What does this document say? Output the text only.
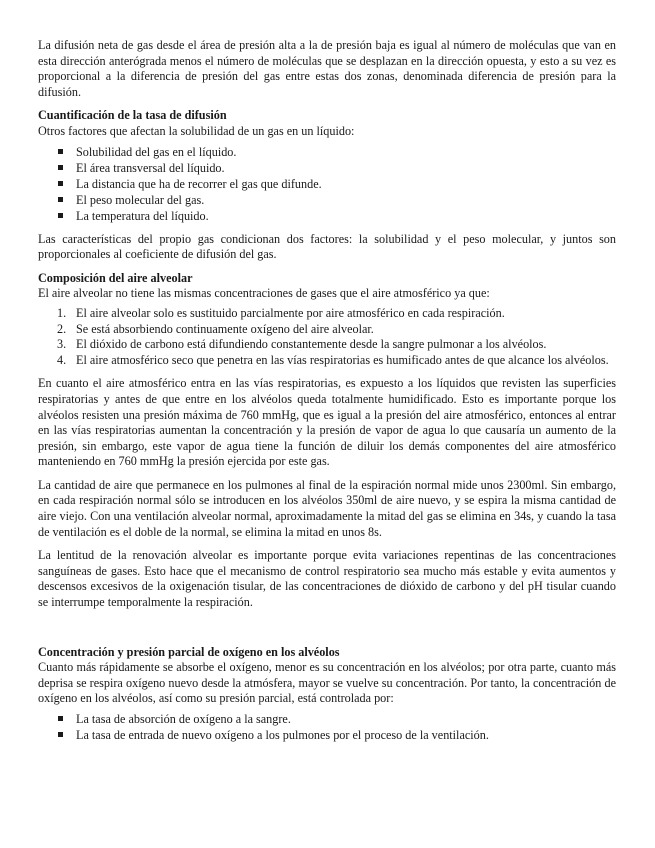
La difusión neta de gas desde el área de presión alta a la de presión baja es igual al número de moléculas que van en esta dirección anterógrada menos el número de moléculas que se desplazan en la dirección opuesta, y esto a su vez es proporcional a la diferencia de presión del gas entre estas dos zonas, denominada diferencia de presión para la difusión.

Cuantificación de la tasa de difusión

Otros factores que afectan la solubilidad de un gas en un líquido:

Solubilidad del gas en el líquido.
El área transversal del líquido.
La distancia que ha de recorrer el gas que difunde.
El peso molecular del gas.
La temperatura del líquido.

Las características del propio gas condicionan dos factores: la solubilidad y el peso molecular, y juntos son proporcionales al coeficiente de difusión del gas.

Composición del aire alveolar

El aire alveolar no tiene las mismas concentraciones de gases que el aire atmosférico ya que:

1. El aire alveolar solo es sustituido parcialmente por aire atmosférico en cada respiración.
2. Se está absorbiendo continuamente oxígeno del aire alveolar.
3. El dióxido de carbono está difundiendo constantemente desde la sangre pulmonar a los alvéolos.
4. El aire atmosférico seco que penetra en las vías respiratorias es humificado antes de que alcance los alvéolos.

En cuanto el aire atmosférico entra en las vías respiratorias, es expuesto a los líquidos que revisten las superficies respiratorias y antes de que entre en los alvéolos queda totalmente humidificado. Esto es importante porque los alvéolos resisten una presión máxima de 760 mmHg, que es igual a la presión del aire atmosférico, entonces al entrar en las vías respiratorias aumentan la concentración y la presión de vapor de agua lo que causaría un aumento de la presión, sin embargo, este vapor de agua tiene la función de diluir los demás componentes del aire atmosférico manteniendo en 760 mmHg la presión ejercida por este gas.

La cantidad de aire que permanece en los pulmones al final de la espiración normal mide unos 2300ml. Sin embargo, en cada respiración normal sólo se introducen en los alvéolos 350ml de aire nuevo, y se espira la misma cantidad de aire viejo. Con una ventilación alveolar normal, aproximadamente la mitad del gas se elimina en 34s, y cuando la tasa de ventilación es el doble de la normal, se elimina la mitad en unos 8s.

La lentitud de la renovación alveolar es importante porque evita variaciones repentinas de las concentraciones sanguíneas de gases. Esto hace que el mecanismo de control respiratorio sea mucho más estable y evita aumentos y descensos excesivos de la oxigenación tisular, de las concentraciones de dióxido de carbono y del pH tisular cuando se interrumpe temporalmente la respiración.

Concentración y presión parcial de oxígeno en los alvéolos

Cuanto más rápidamente se absorbe el oxígeno, menor es su concentración en los alvéolos; por otra parte, cuanto más deprisa se respira oxígeno nuevo desde la atmósfera, mayor se vuelve su concentración. Por tanto, la concentración de oxígeno en los alvéolos, así como su presión parcial, está controlada por:

La tasa de absorción de oxígeno a la sangre.
La tasa de entrada de nuevo oxígeno a los pulmones por el proceso de la ventilación.
